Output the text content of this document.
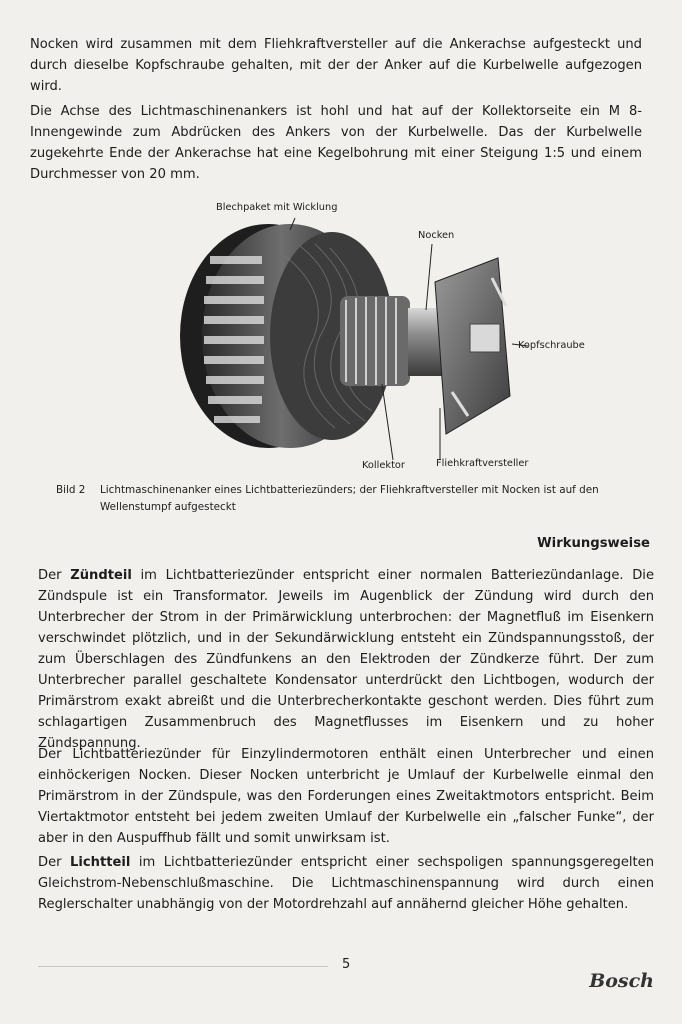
Nocken wird zusammen mit dem Fliehkraftversteller auf die Ankerachse aufgesteckt und durch dieselbe Kopfschraube gehalten, mit der der Anker auf die Kurbelwelle aufgezogen wird.

Die Achse des Lichtmaschinenankers ist hohl und hat auf der Kollektorseite ein M 8-Innengewinde zum Abdrücken des Ankers von der Kurbelwelle. Das der Kurbelwelle zugekehrte Ende der Ankerachse hat eine Kegelbohrung mit einer Steigung 1:5 und einem Durchmesser von 20 mm.

Blechpaket mit Wicklung
Nocken
Kopfschraube
Kollektor	Fliehkraftversteller

Bild 2 Lichtmaschinenanker eines Lichtbatteriezünders; der Fliehkraftversteller mit Nocken ist auf den
Wellenstumpf aufgesteckt

Wirkungsweise

Der Zündteil im Lichtbatteriezünder entspricht einer normalen Batteriezündanlage. Die Zündspule ist ein Transformator. Jeweils im Augenblick der Zündung wird durch den Unterbrecher der Strom in der Primärwicklung unterbrochen: der Magnetfluß im Eisenkern verschwindet plötzlich, und in der Sekundärwicklung entsteht ein Zündspannungsstoß, der zum Überschlagen des Zündfunkens an den Elektroden der Zündkerze führt. Der zum Unterbrecher parallel geschaltete Kondensator unterdrückt den Lichtbogen, wodurch der Primärstrom exakt abreißt und die Unterbrecherkontakte geschont werden. Dies führt zum schlagartigen Zusammenbruch des Magnetflusses im Eisenkern und zu hoher Zündspannung.

Der Lichtbatteriezünder für Einzylindermotoren enthält einen Unterbrecher und einen einhöckerigen Nocken. Dieser Nocken unterbricht je Umlauf der Kurbelwelle einmal den Primärstrom in der Zündspule, was den Forderungen eines Zweitaktmotors entspricht. Beim Viertaktmotor entsteht bei jedem zweiten Umlauf der Kurbelwelle ein „falscher Funke“, der aber in den Auspuffhub fällt und somit unwirksam ist.

Der Lichtteil im Lichtbatteriezünder entspricht einer sechspoligen spannungsgeregelten Gleichstrom-Nebenschlußmaschine. Die Lichtmaschinenspannung wird durch einen Reglerschalter unabhängig von der Motordrehzahl auf annähernd gleicher Höhe gehalten.

5
Bosch
